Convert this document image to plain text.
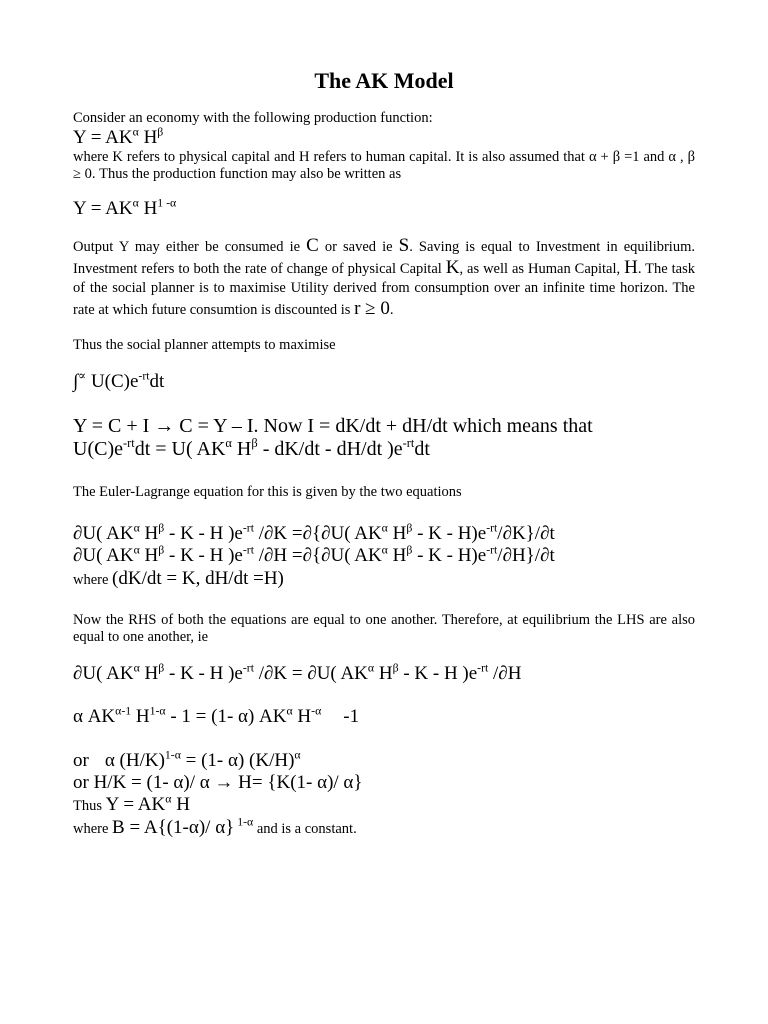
The AK Model

Consider an economy with the following production function:

$Y = AK^\alpha$ $H^\beta$

where K refers to physical capital and H refers to human capital. It is also assumed that α + β =1 and α , β ≥ 0. Thus the production function may also be written as

$Y = AK^\alpha$ $H^{1 -\alpha}$

Output Y may either be consumed ie C or saved ie S. Saving is equal to Investment in equilibrium. Investment refers to both the rate of change of physical Capital K, as well as Human Capital, H. The task of the social planner is to maximise Utility derived from consumption over an infinite time horizon. The rate at which future consumtion is discounted is r ≥ 0.

Thus the social planner attempts to maximise

∫∝ $U(C)e^{-rt}dt$

Y = C + I → C = Y – I. Now I = dK/dt + dH/dt which means that

$U(C)e^{-rt}dt = U$( $AK^\alpha$ $H^\beta - dK/dt - dH/dt$ )$e^{-rt}dt$

The Euler-Lagrange equation for this is given by the two equations

∂U( $AK^\alpha$ $H^\beta$ - K - H )$e^{-rt}$ /∂K =∂{∂U( $AK^\alpha$ $H^\beta$ - K - $H)e^{-rt}/\partial K\}/\partial t$

∂U( $AK^\alpha$ $H^\beta$ - K - H )$e^{-rt}$ /∂H =∂{∂U( $AK^\alpha$ $H^\beta$ - K - $H)e^{-rt}/\partial H\}/\partial t$

where (dK/dt = K, dH/dt =H)

Now the RHS of both the equations are equal to one another. Therefore, at equilibrium the LHS are also equal to one another, ie

∂U( $AK^\alpha$ $H^\beta$ - K - H )$e^{-rt}$ /∂K = ∂U( $AK^\alpha$ $H^\beta$ - K - H )$e^{-rt}$ /∂H

α $AK^{\alpha-1}$ $H^{1-\alpha} - 1 = (1-$ α) $AK^\alpha$ $H^{-\alpha}$ -1

or α $(H/K)^{1-\alpha} = (1-$ α) $(K/H)^\alpha$

or H/K = (1- α)/ α → H= {K(1- α)/ α}

Thus $Y = AK^\alpha$ H

where B = A{(1-α)/ α} $^{1-\alpha}$ and is a constant.
